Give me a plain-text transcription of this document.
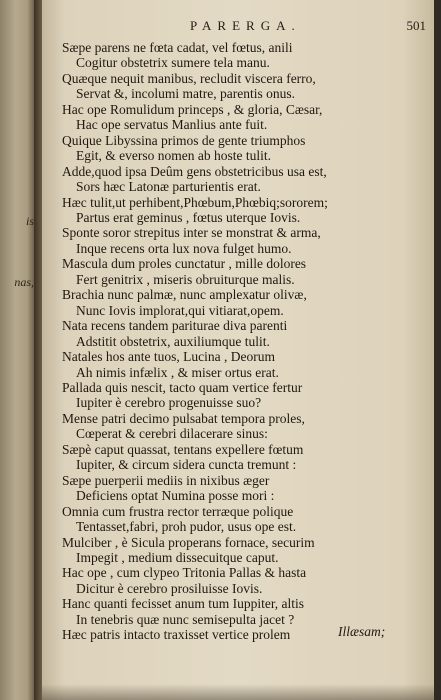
is
nas,
PARERGA.	501
Sæpe parens ne fœta cadat, vel fœtus, anili
Cogitur obstetrix sumere tela manu.
Quæque nequit manibus, recludit viscera ferro,
Servat &, incolumi matre, parentis onus.
Hac ope Romulidum princeps , & gloria, Cæsar,
Hac ope servatus Manlius ante fuit.
Quique Libyssina primos de gente triumphos
Egit, & everso nomen ab hoste tulit.
Adde,quod ipsa Deûm gens obstetricibus usa est,
Sors hæc Latonæ parturientis erat.
Hæc tulit,ut perhibent,Phœbum,Phœbiq;sororem;
Partus erat geminus , fœtus uterque Iovis.
Sponte soror strepitus inter se monstrat & arma,
Inque recens orta lux nova fulget humo.
Mascula dum proles cunctatur , mille dolores
Fert genitrix , miseris obruiturque malis.
Brachia nunc palmæ, nunc amplexatur olivæ,
Nunc Iovis implorat,qui vitiarat,opem.
Nata recens tandem pariturae diva parenti
Adstitit obstetrix, auxiliumque tulit.
Natales hos ante tuos, Lucina , Deorum
Ah nimis infælix , & miser ortus erat.
Pallada quis nescit, tacto quam vertice fertur
Iupiter è cerebro progenuisse suo?
Mense patri decimo pulsabat tempora proles,
Cœperat & cerebri dilacerare sinus:
Sæpè caput quassat, tentans expellere fœtum
Iupiter, & circum sidera cuncta tremunt :
Sæpe puerperii mediis in nixibus æger
Deficiens optat Numina posse mori :
Omnia cum frustra rector terræque polique
Tentasset,fabri, proh pudor, usus ope est.
Mulciber , è Sicula properans fornace, securim
Impegit , medium dissecuitque caput.
Hac ope , cum clypeo Tritonia Pallas & hasta
Dicitur è cerebro prosiluisse Iovis.
Hanc quanti fecisset anum tum Iuppiter, altis
In tenebris quæ nunc semisepulta jacet ?
Hæc patris intacto traxisset vertice prolem	Illæsam;
